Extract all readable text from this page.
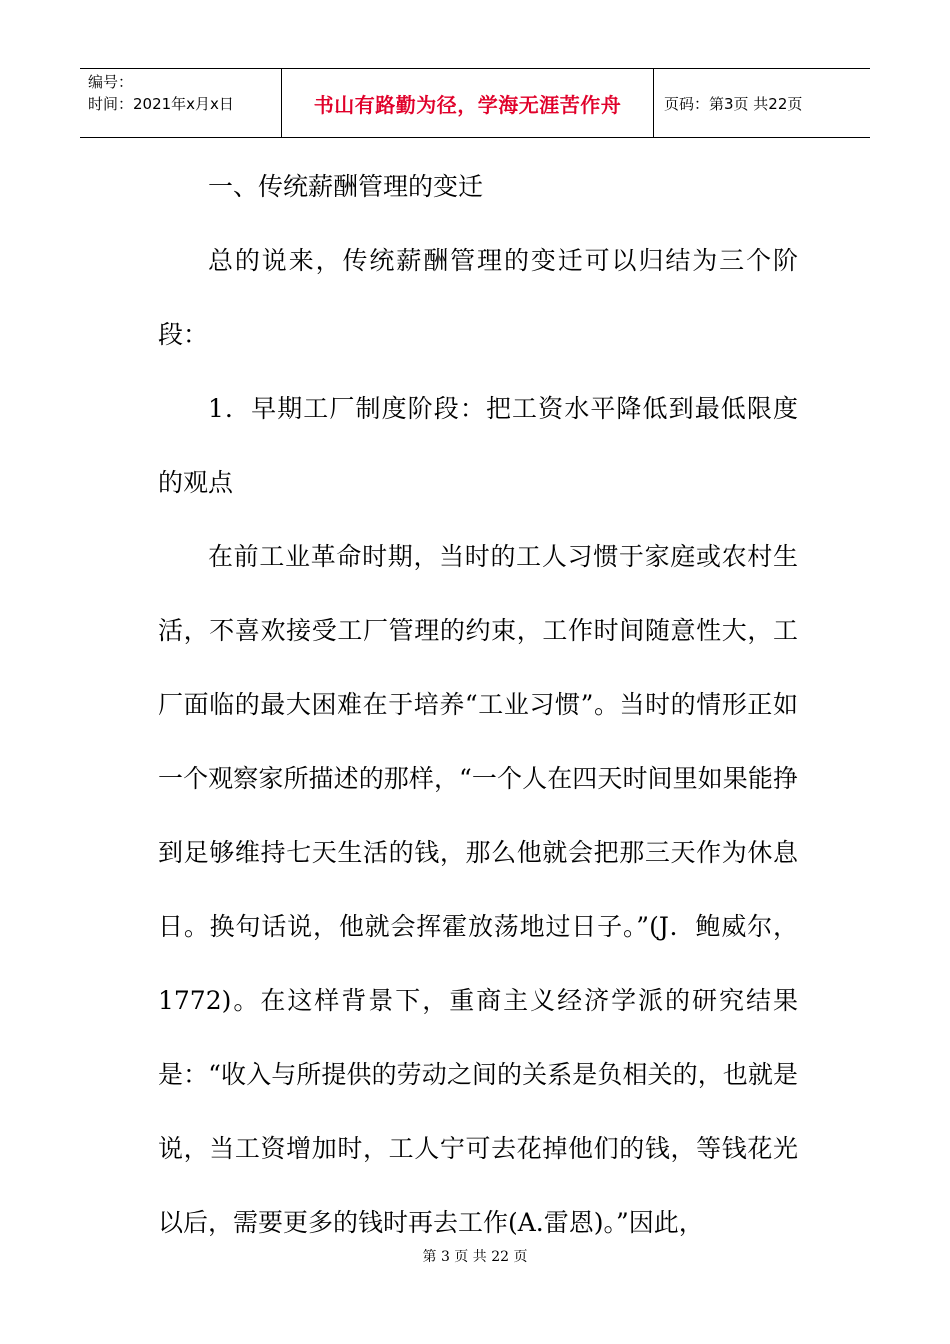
编号：
时间：2021年x月x日	书山有路勤为径，学海无涯苦作舟	页码：第3页 共22页

一、传统薪酬管理的变迁

总的说来，传统薪酬管理的变迁可以归结为三个阶段：

1．早期工厂制度阶段：把工资水平降低到最低限度的观点

在前工业革命时期，当时的工人习惯于家庭或农村生活，不喜欢接受工厂管理的约束，工作时间随意性大，工厂面临的最大困难在于培养“工业习惯”。当时的情形正如一个观察家所描述的那样，“一个人在四天时间里如果能挣到足够维持七天生活的钱，那么他就会把那三天作为休息日。换句话说，他就会挥霍放荡地过日子。”(J．鲍威尔，1772)。在这样背景下，重商主义经济学派的研究结果是：“收入与所提供的劳动之间的关系是负相关的，也就是说，当工资增加时，工人宁可去花掉他们的钱，等钱花光以后，需要更多的钱时再去工作(A.雷恩)。”因此，

第 3 页 共 22 页
